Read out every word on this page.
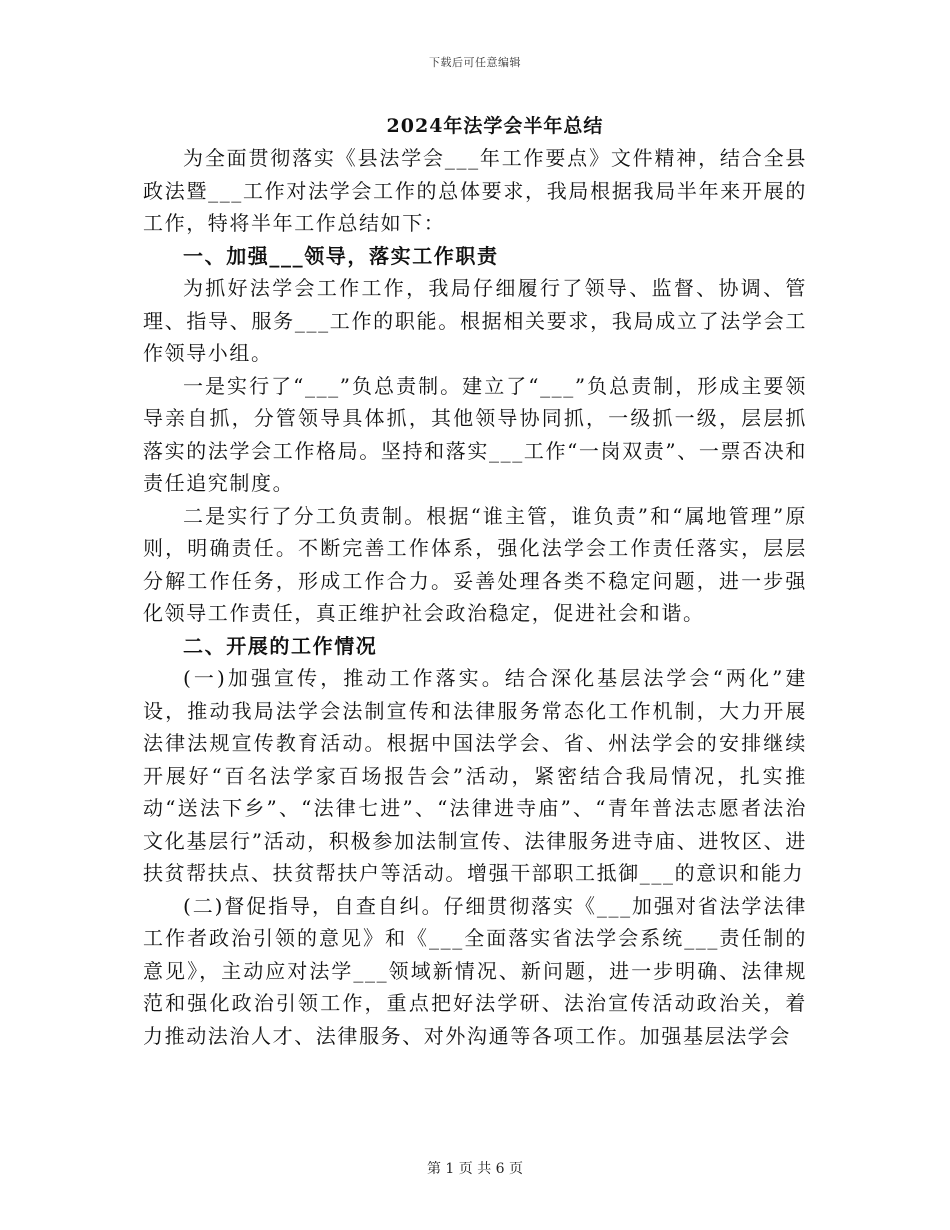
下载后可任意编辑
2024年法学会半年总结

为全面贯彻落实《县法学会___年工作要点》文件精神，结合全县政法暨___工作对法学会工作的总体要求，我局根据我局半年来开展的工作，特将半年工作总结如下：

一、加强___领导，落实工作职责

为抓好法学会工作工作，我局仔细履行了领导、监督、协调、管理、指导、服务___工作的职能。根据相关要求，我局成立了法学会工作领导小组。

一是实行了“___”负总责制。建立了“___”负总责制，形成主要领导亲自抓，分管领导具体抓，其他领导协同抓，一级抓一级，层层抓落实的法学会工作格局。坚持和落实___工作“一岗双责”、一票否决和责任追究制度。

二是实行了分工负责制。根据“谁主管，谁负责”和“属地管理”原则，明确责任。不断完善工作体系，强化法学会工作责任落实，层层分解工作任务，形成工作合力。妥善处理各类不稳定问题，进一步强化领导工作责任，真正维护社会政治稳定，促进社会和谐。

二、开展的工作情况

(一)加强宣传，推动工作落实。结合深化基层法学会“两化”建设，推动我局法学会法制宣传和法律服务常态化工作机制，大力开展法律法规宣传教育活动。根据中国法学会、省、州法学会的安排继续开展好“百名法学家百场报告会”活动，紧密结合我局情况，扎实推动“送法下乡”、“法律七进”、“法律进寺庙”、“青年普法志愿者法治文化基层行”活动，积极参加法制宣传、法律服务进寺庙、进牧区、进扶贫帮扶点、扶贫帮扶户等活动。增强干部职工抵御___的意识和能力

(二)督促指导，自查自纠。仔细贯彻落实《___加强对省法学法律工作者政治引领的意见》和《___全面落实省法学会系统___责任制的意见》，主动应对法学___领域新情况、新问题，进一步明确、法律规范和强化政治引领工作，重点把好法学研、法治宣传活动政治关，着力推动法治人才、法律服务、对外沟通等各项工作。加强基层法学会

第 1 页 共 6 页
